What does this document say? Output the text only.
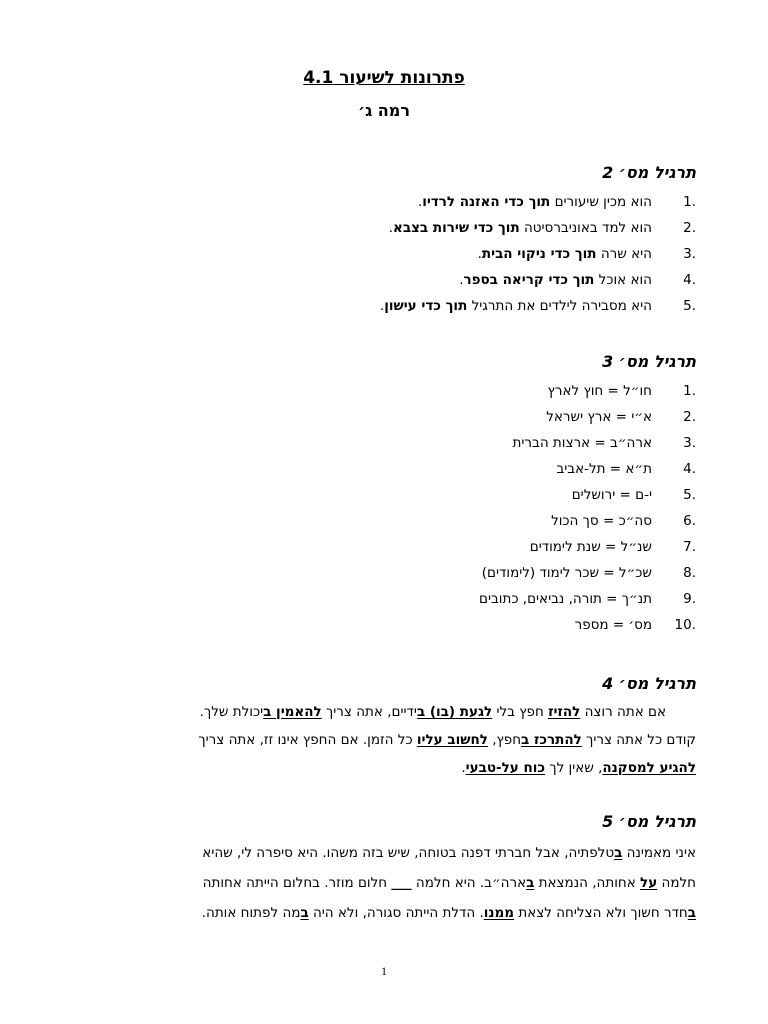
פתרונות לשיעור 4.1
רמה ג׳
תרגיל מס׳ 2
.1הוא מכין שיעורים תוך כדי האזנה לרדיו.
.2הוא למד באוניברסיטה תוך כדי שירות בצבא.
.3היא שרה תוך כדי ניקוי הבית.
.4הוא אוכל תוך כדי קריאה בספר.
.5היא מסבירה לילדים את התרגיל תוך כדי עישון.
תרגיל מס׳ 3
.1חו״ל = חוץ לארץ
.2א״י = ארץ ישראל
.3ארה״ב = ארצות הברית
.4ת״א = תל-אביב
.5י-ם = ירושלים
.6סה״כ = סך הכול
.7שנ״ל = שנת לימודים
.8שכ״ל = שכר לימוד (לימודים)
.9תנ״ך = תורה, נביאים, כתובים
.10מס׳ = מספר
תרגיל מס׳ 4
אם אתה רוצה להזיז חפץ בלי לגעת (בו) בידיים, אתה צריך להאמין ביכולת שלך.
קודם כל אתה צריך להתרכז בחפץ, לחשוב עליו כל הזמן. אם החפץ אינו זז, אתה צריך
להגיע למסקנה, שאין לך כוח על-טבעי.
תרגיל מס׳ 5
איני מאמינה בטלפתיה, אבל חברתי דפנה בטוחה, שיש בזה משהו. היא סיפרה לי, שהיא
חלמה על אחותה, הנמצאת בארה״ב. היא חלמה ___ חלום מוזר. בחלום הייתה אחותה
בחדר חשוך ולא הצליחה לצאת ממנו. הדלת הייתה סגורה, ולא היה במה לפתוח אותה.
1
